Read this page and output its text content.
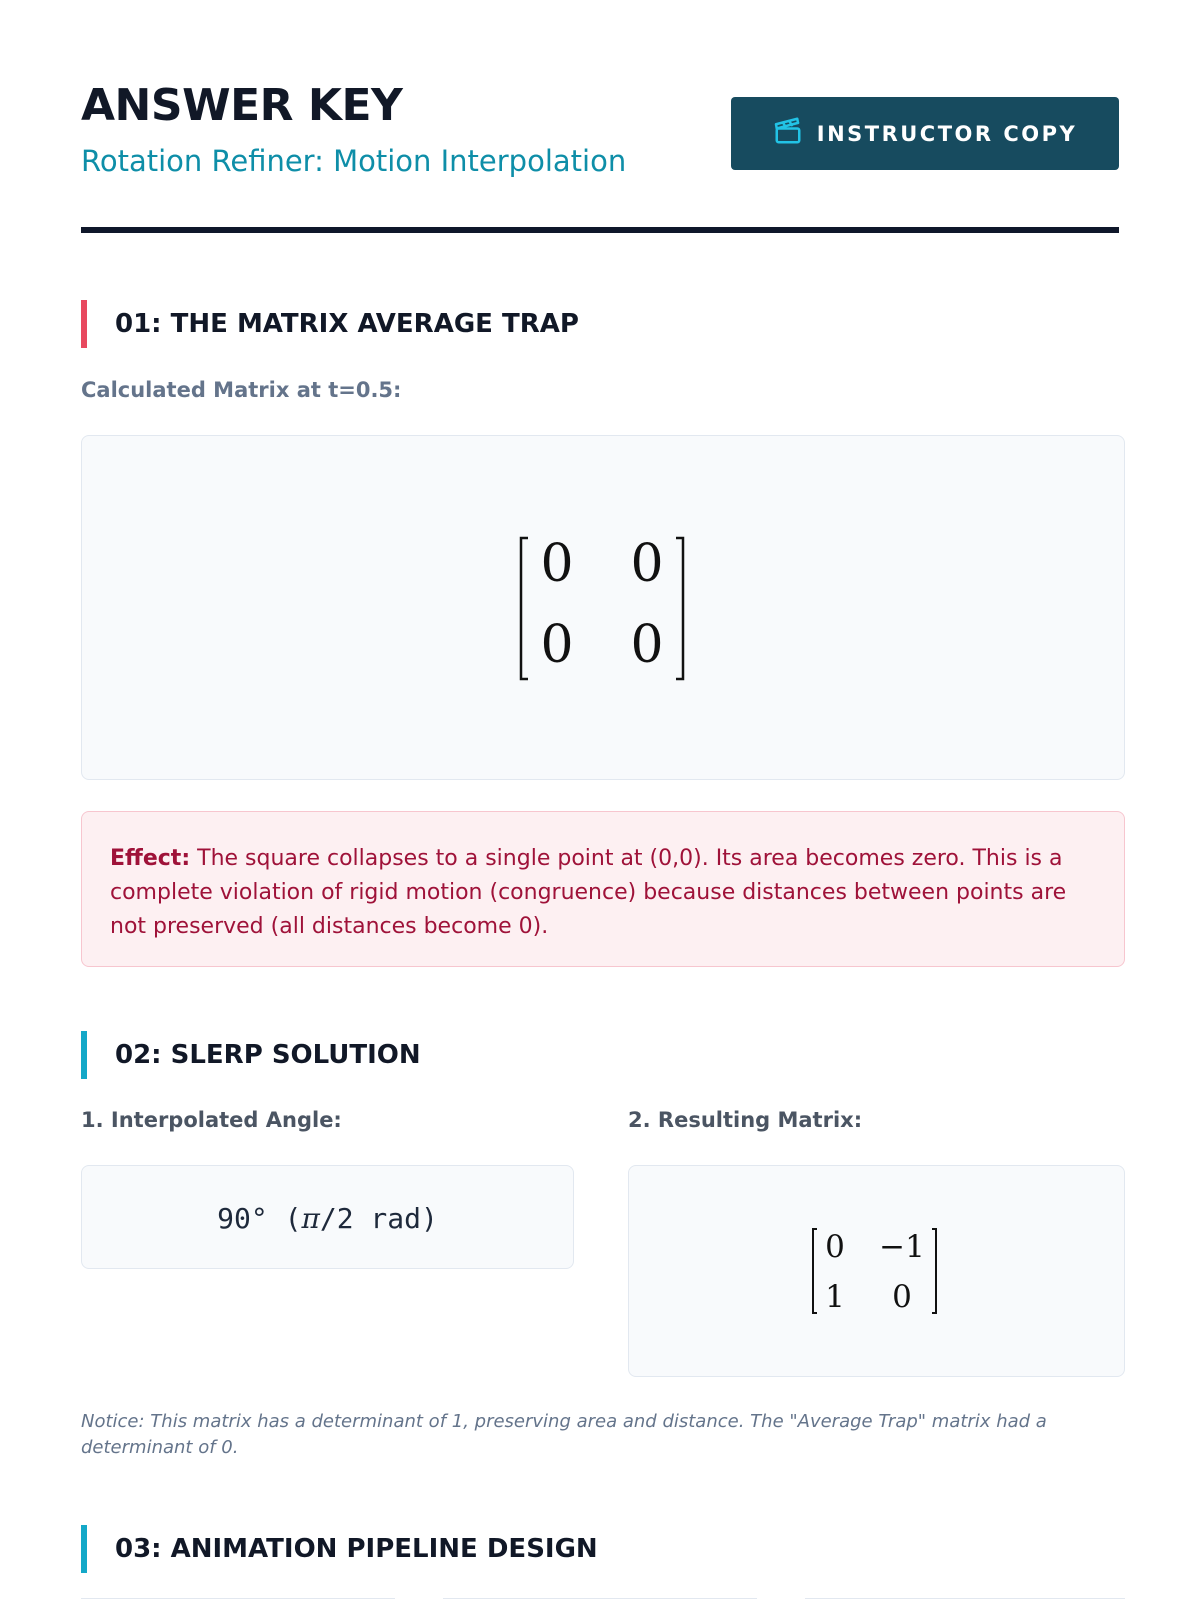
ANSWER KEY
Rotation Refiner: Motion Interpolation
INSTRUCTOR COPY
01: THE MATRIX AVERAGE TRAP
Calculated Matrix at t=0.5:
0 0
0 0
Effect: The square collapses to a single point at (0,0). Its area becomes zero. This is a complete violation of rigid motion (congruence) because distances between points are not preserved (all distances become 0).
02: SLERP SOLUTION
1. Interpolated Angle:	2. Resulting Matrix:
90° (π/2 rad)
0 −1
1 0
Notice: This matrix has a determinant of 1, preserving area and distance. The "Average Trap" matrix had a determinant of 0.
03: ANIMATION PIPELINE DESIGN
